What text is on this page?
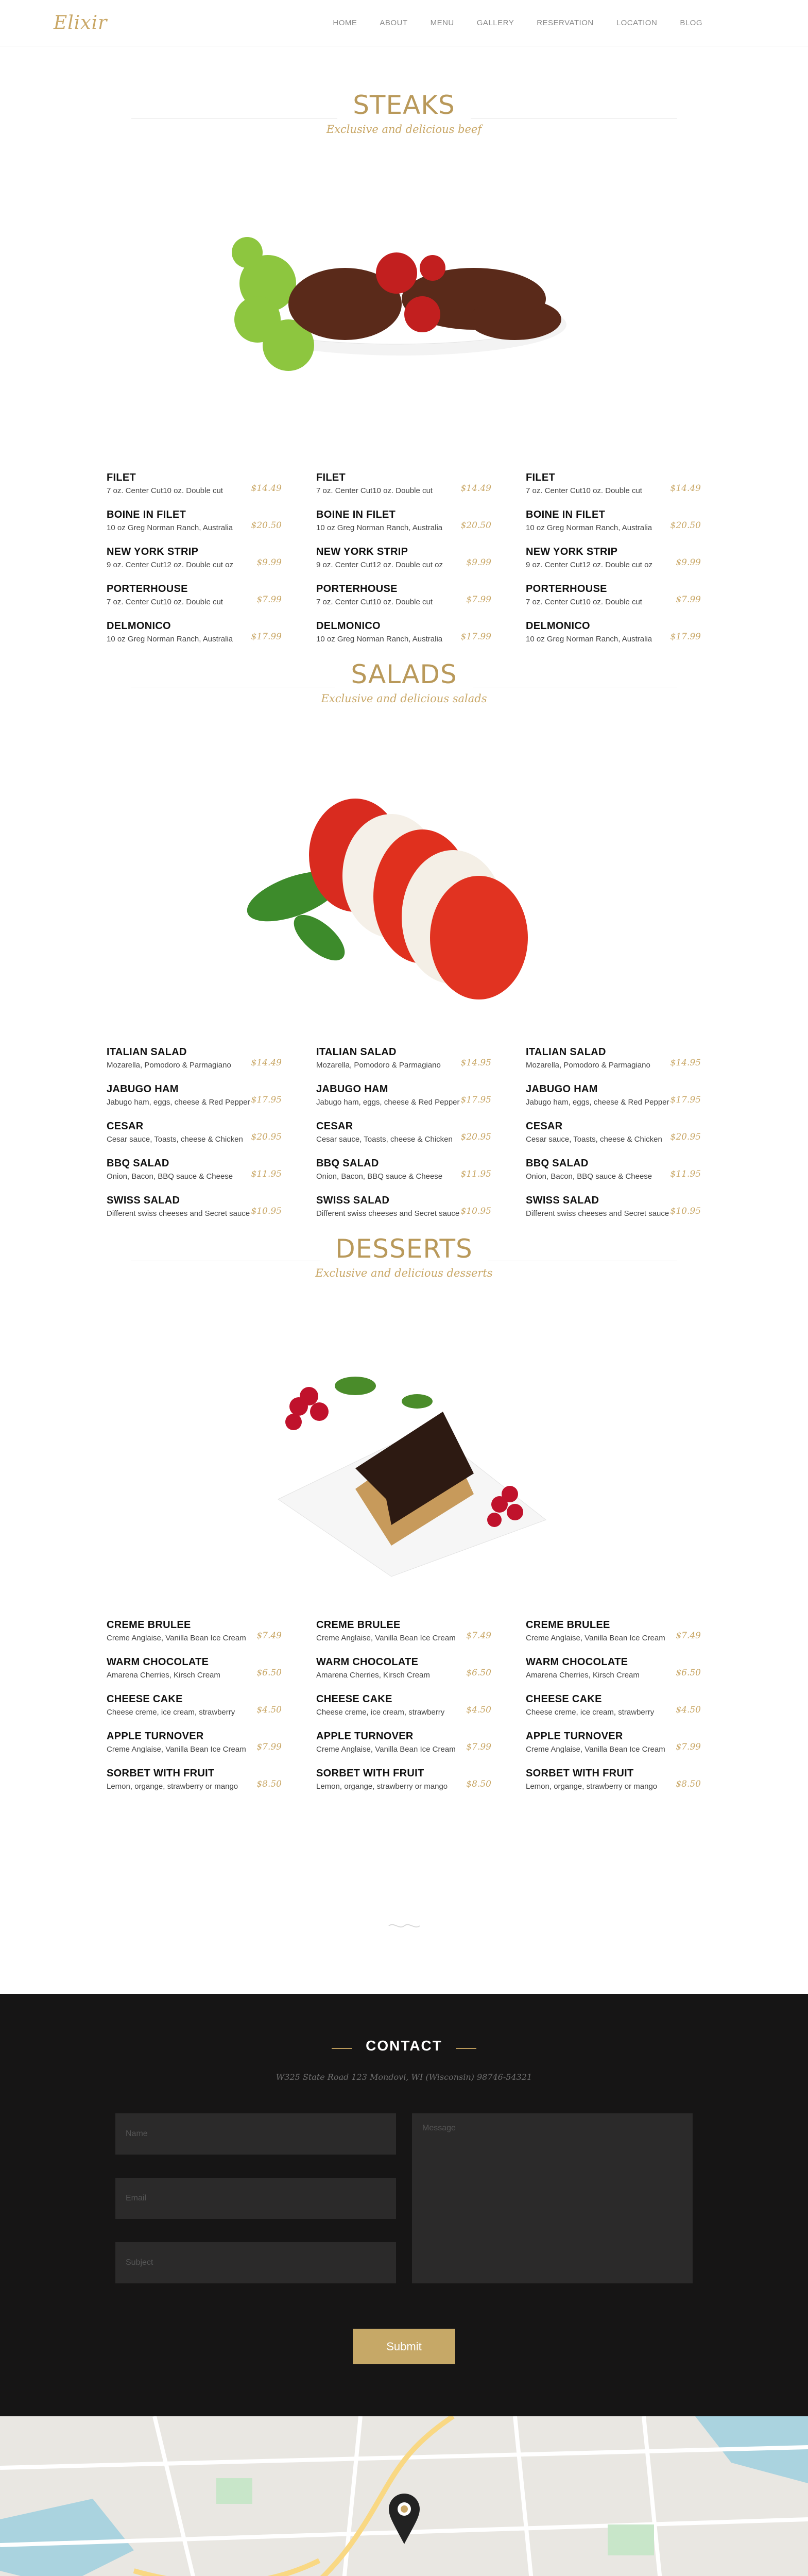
Elixir	HOME	ABOUT	MENU	GALLERY	RESERVATION	LOCATION	BLOG
STEAKS
Exclusive and delicious beef
FILET
7 oz. Center Cut10 oz. Double cut	$14.49
BOINE IN FILET
10 oz Greg Norman Ranch, Australia	$20.50
NEW YORK STRIP
9 oz. Center Cut12 oz. Double cut oz	$9.99
PORTERHOUSE
7 oz. Center Cut10 oz. Double cut	$7.99
DELMONICO
10 oz Greg Norman Ranch, Australia	$17.99
FILET
7 oz. Center Cut10 oz. Double cut	$14.49
BOINE IN FILET
10 oz Greg Norman Ranch, Australia	$20.50
NEW YORK STRIP
9 oz. Center Cut12 oz. Double cut oz	$9.99
PORTERHOUSE
7 oz. Center Cut10 oz. Double cut	$7.99
DELMONICO
10 oz Greg Norman Ranch, Australia	$17.99
FILET
7 oz. Center Cut10 oz. Double cut	$14.49
BOINE IN FILET
10 oz Greg Norman Ranch, Australia	$20.50
NEW YORK STRIP
9 oz. Center Cut12 oz. Double cut oz	$9.99
PORTERHOUSE
7 oz. Center Cut10 oz. Double cut	$7.99
DELMONICO
10 oz Greg Norman Ranch, Australia	$17.99
SALADS
Exclusive and delicious salads
ITALIAN SALAD
Mozarella, Pomodoro & Parmagiano	$14.49
JABUGO HAM
Jabugo ham, eggs, cheese & Red Pepper $17.95
CESAR
Cesar sauce, Toasts, cheese & Chicken $20.95
BBQ SALAD
Onion, Bacon, BBQ sauce & Cheese	$11.95
SWISS SALAD
Different swiss cheeses and Secret sauce $10.95
ITALIAN SALAD
Mozarella, Pomodoro & Parmagiano	$14.95
JABUGO HAM
Jabugo ham, eggs, cheese & Red Pepper $17.95
CESAR
Cesar sauce, Toasts, cheese & Chicken $20.95
BBQ SALAD
Onion, Bacon, BBQ sauce & Cheese	$11.95
SWISS SALAD
Different swiss cheeses and Secret sauce $10.95
ITALIAN SALAD
Mozarella, Pomodoro & Parmagiano	$14.95
JABUGO HAM
Jabugo ham, eggs, cheese & Red Pepper $17.95
CESAR
Cesar sauce, Toasts, cheese & Chicken $20.95
BBQ SALAD
Onion, Bacon, BBQ sauce & Cheese	$11.95
SWISS SALAD
Different swiss cheeses and Secret sauce $10.95
DESSERTS
Exclusive and delicious desserts
CREME BRULEE
Creme Anglaise, Vanilla Bean Ice Cream	$7.49
WARM CHOCOLATE
Amarena Cherries, Kirsch Cream	$6.50
CHEESE CAKE
Cheese creme, ice cream, strawberry	$4.50
APPLE TURNOVER
Creme Anglaise, Vanilla Bean Ice Cream	$7.99
SORBET WITH FRUIT
Lemon, organge, strawberry or mango	$8.50
CREME BRULEE
Creme Anglaise, Vanilla Bean Ice Cream	$7.49
WARM CHOCOLATE
Amarena Cherries, Kirsch Cream	$6.50
CHEESE CAKE
Cheese creme, ice cream, strawberry	$4.50
APPLE TURNOVER
Creme Anglaise, Vanilla Bean Ice Cream	$7.99
SORBET WITH FRUIT
Lemon, organge, strawberry or mango	$8.50
CREME BRULEE
Creme Anglaise, Vanilla Bean Ice Cream	$7.49
WARM CHOCOLATE
Amarena Cherries, Kirsch Cream	$6.50
CHEESE CAKE
Cheese creme, ice cream, strawberry	$4.50
APPLE TURNOVER
Creme Anglaise, Vanilla Bean Ice Cream	$7.99
SORBET WITH FRUIT
Lemon, organge, strawberry or mango	$8.50
CONTACT
W325 State Road 123 Mondovi, WI (Wisconsin) 98746-54321
Name
Email
Subject
Message
Submit
